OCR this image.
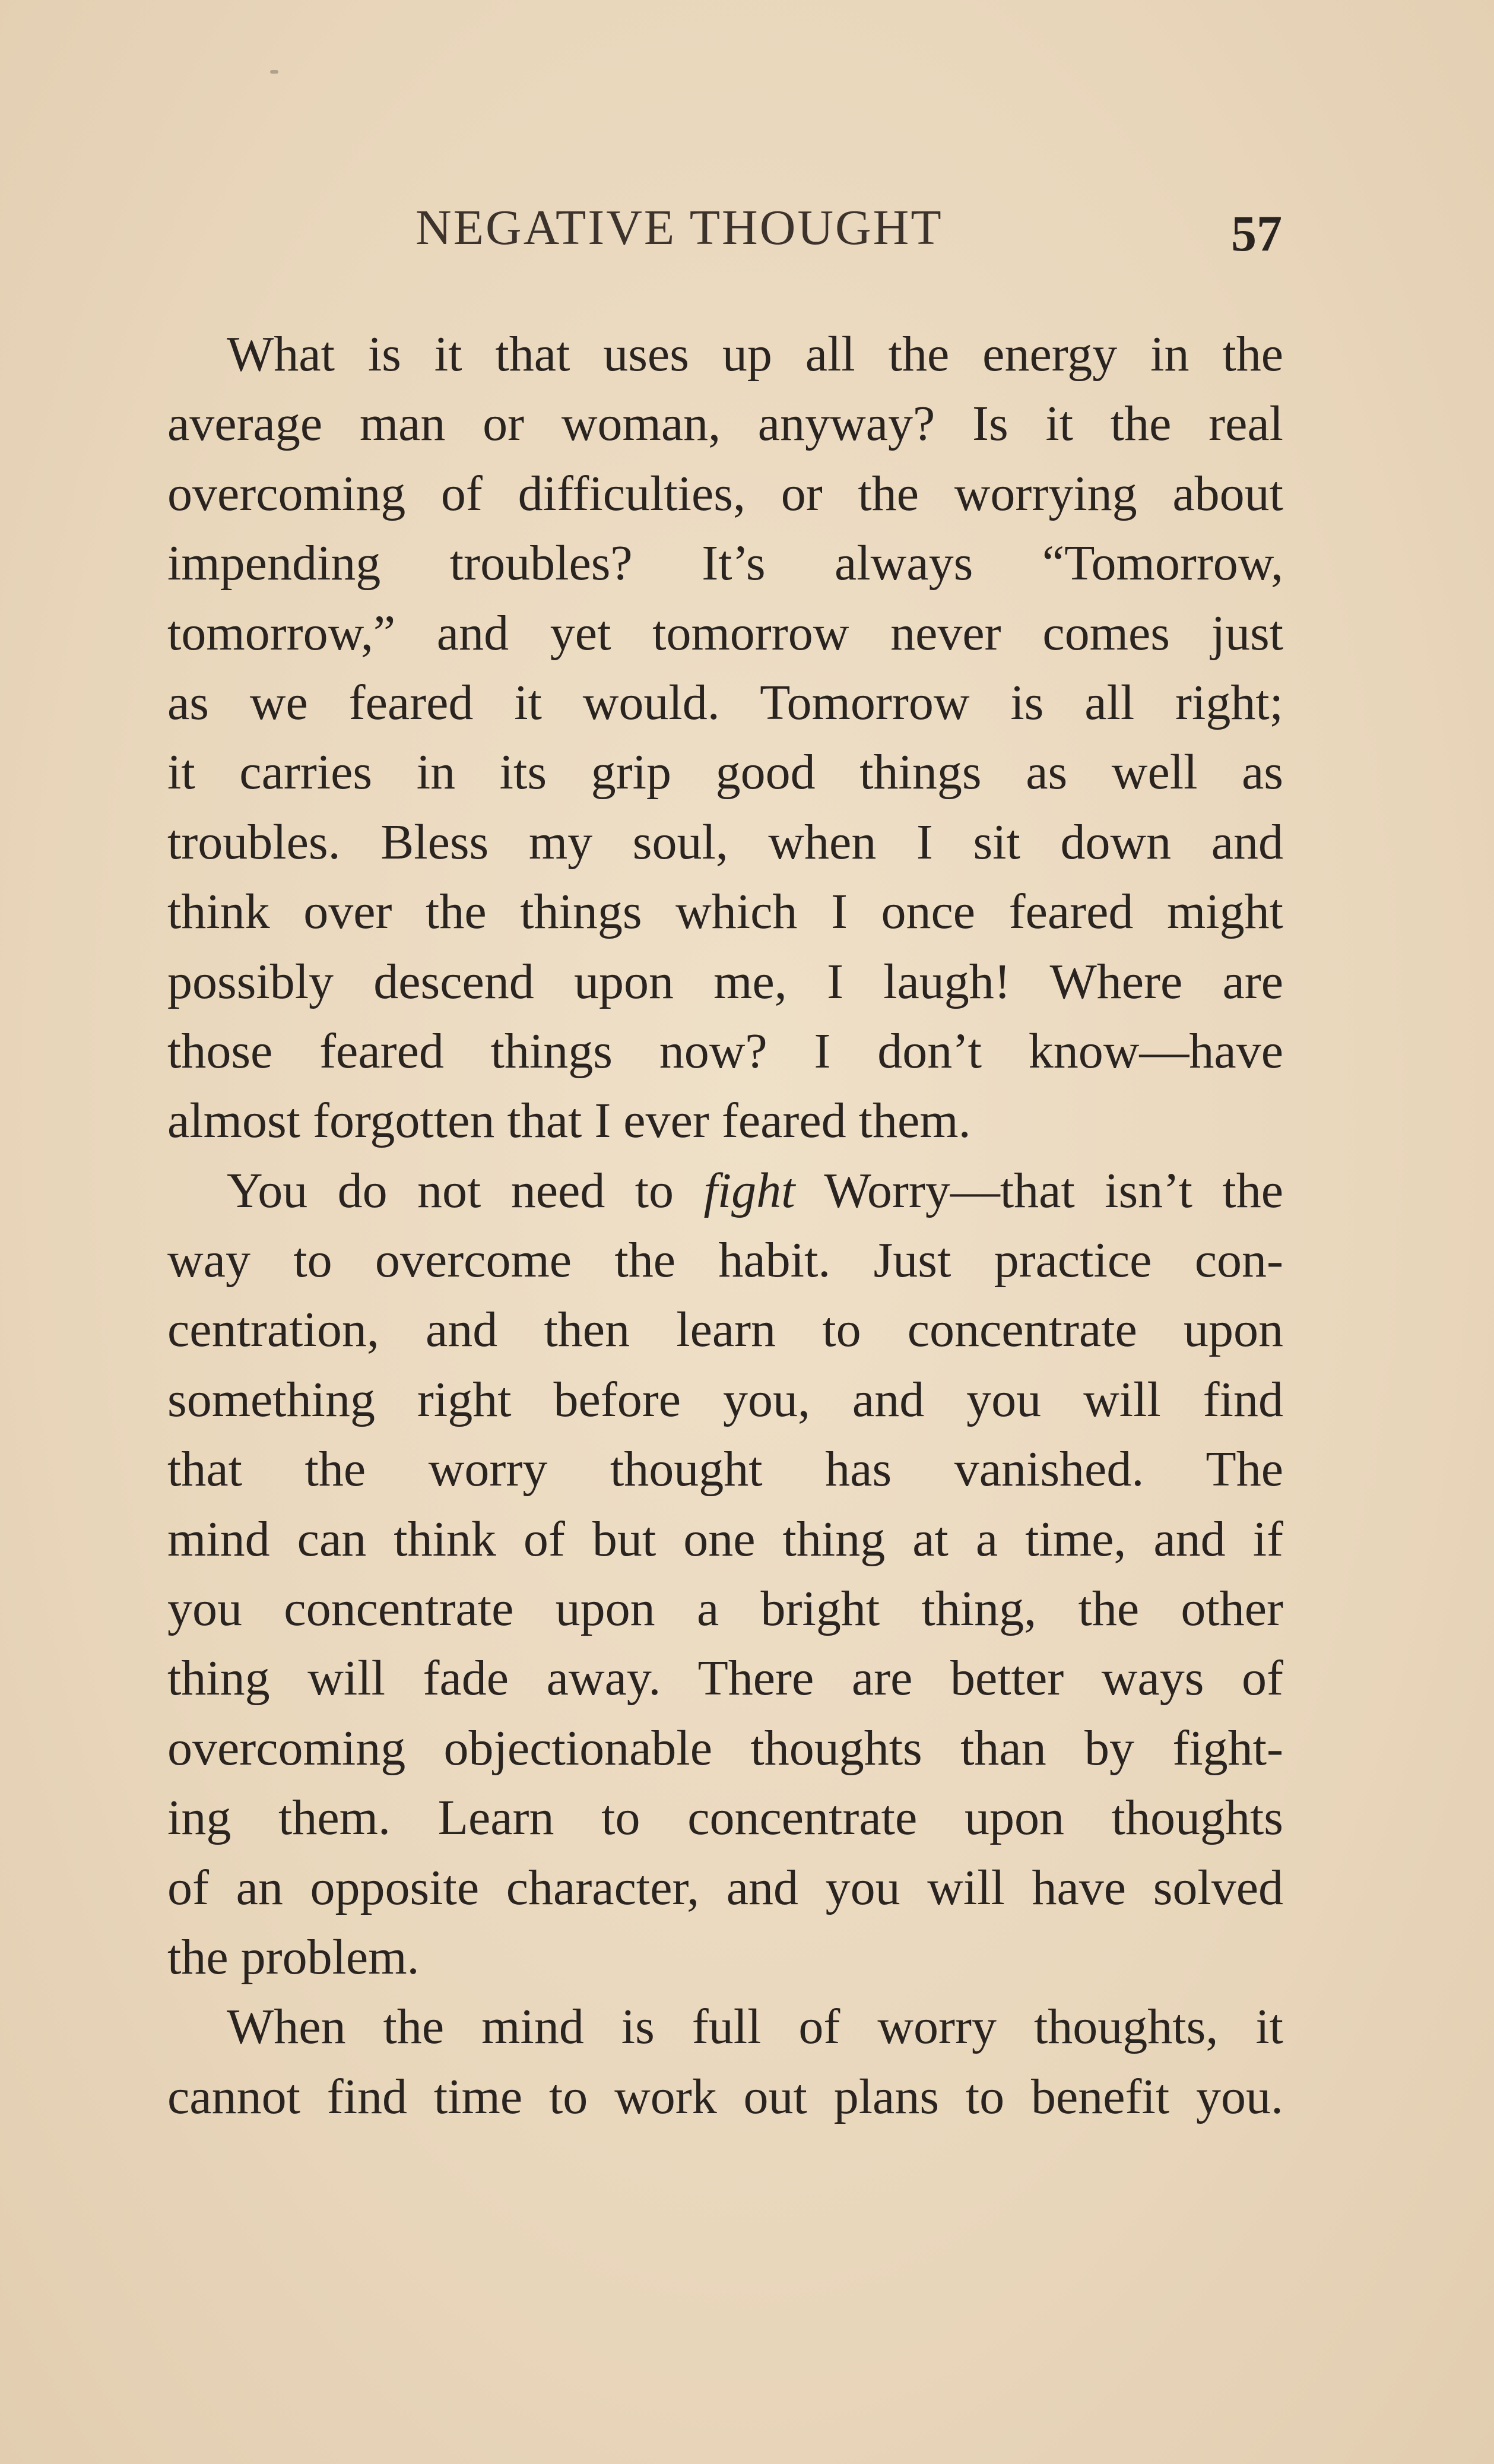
NEGATIVE THOUGHT	57
What is it that uses up all the energy in the
average man or woman, anyway? Is it the real
overcoming of difficulties, or the worrying about
impending troubles? It’s always “Tomorrow,
tomorrow,” and yet tomorrow never comes just
as we feared it would. Tomorrow is all right;
it carries in its grip good things as well as
troubles. Bless my soul, when I sit down and
think over the things which I once feared might
possibly descend upon me, I laugh! Where are
those feared things now? I don’t know—have
almost forgotten that I ever feared them.
You do not need to fight Worry—that isn’t the
way to overcome the habit. Just practice con-
centration, and then learn to concentrate upon
something right before you, and you will find
that the worry thought has vanished. The
mind can think of but one thing at a time, and if
you concentrate upon a bright thing, the other
thing will fade away. There are better ways of
overcoming objectionable thoughts than by fight-
ing them. Learn to concentrate upon thoughts
of an opposite character, and you will have solved
the problem.
When the mind is full of worry thoughts, it
cannot find time to work out plans to benefit you.
